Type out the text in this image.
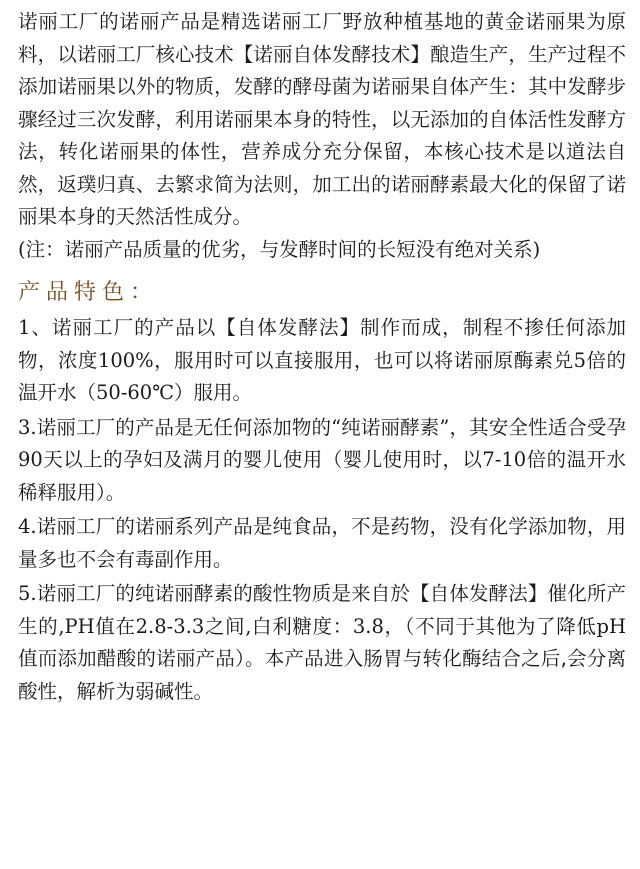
诺丽工厂的诺丽产品是精选诺丽工厂野放种植基地的黄金诺丽果为原料，以诺丽工厂核心技术【诺丽自体发酵技术】酿造生产，生产过程不添加诺丽果以外的物质，发酵的酵母菌为诺丽果自体产生：其中发酵步骤经过三次发酵，利用诺丽果本身的特性，以无添加的自体活性发酵方法，转化诺丽果的体性，营养成分充分保留，本核心技术是以道法自然，返璞归真、去繁求简为法则，加工出的诺丽酵素最大化的保留了诺丽果本身的天然活性成分。

(注：诺丽产品质量的优劣，与发酵时间的长短没有绝对关系)

产品特色：

1、诺丽工厂的产品以【自体发酵法】制作而成，制程不掺任何添加物，浓度100%，服用时可以直接服用，也可以将诺丽原酶素兑5倍的温开水（50-60℃）服用。

3.诺丽工厂的产品是无任何添加物的“纯诺丽酵素”，其安全性适合受孕90天以上的孕妇及满月的婴儿使用（婴儿使用时，以7-10倍的温开水稀释服用）。

4.诺丽工厂的诺丽系列产品是纯食品，不是药物，没有化学添加物，用量多也不会有毒副作用。

5.诺丽工厂的纯诺丽酵素的酸性物质是来自於【自体发酵法】催化所产生的,PH值在2.8-3.3之间,白利糖度：3.8，（不同于其他为了降低pH值而添加醋酸的诺丽产品）。本产品进入肠胃与转化酶结合之后,会分离酸性，解析为弱碱性。
